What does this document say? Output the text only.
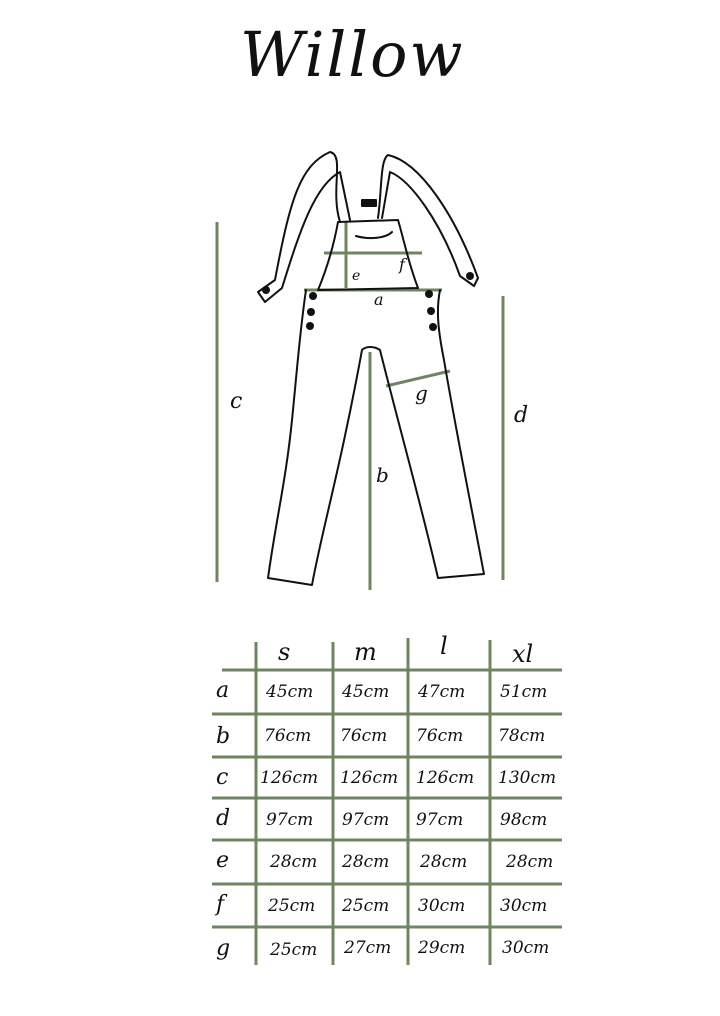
Willow
c
d
b
e
f
a
g
s	m	l	xl
a 45cm 45cm 47cm 51cm
b 76cm 76cm 76cm 78cm
c 126cm 126cm 126cm 130cm
d 97cm 97cm 97cm 98cm
e 28cm 28cm 28cm 28cm
f	25cm 25cm 30cm 30cm
g 25cm 27cm 29cm 30cm
